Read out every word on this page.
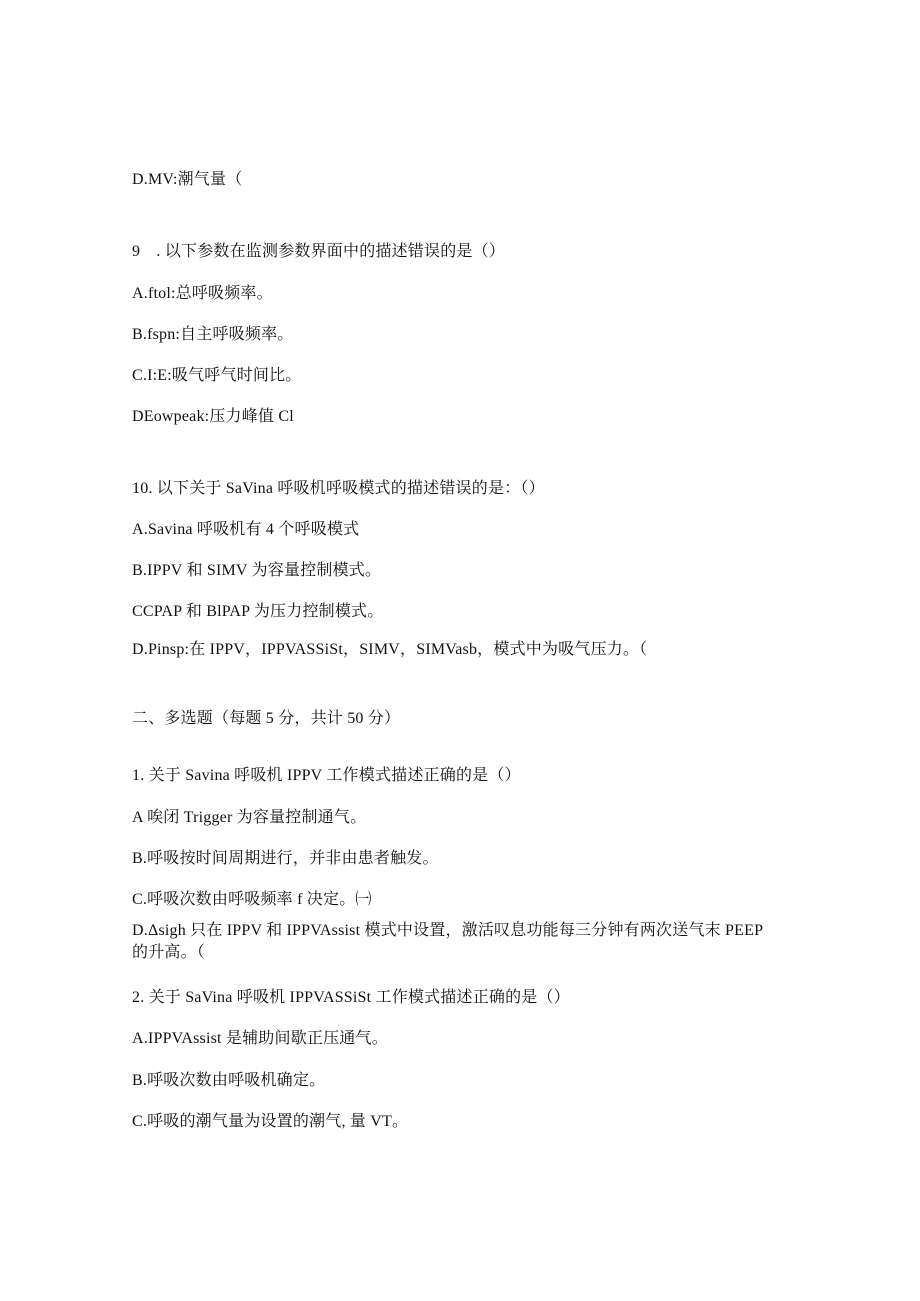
D.MV:潮气量（
9　. 以下参数在监测参数界面中的描述错误的是（）
A.ftol:总呼吸频率。
B.fspn:自主呼吸频率。
C.I:E:吸气呼气时间比。
DEowpeak:压力峰值 Cl
10. 以下关于 SaVina 呼吸机呼吸模式的描述错误的是：（）
A.Savina 呼吸机有 4 个呼吸模式
B.IPPV 和 SIMV 为容量控制模式。
CCPAP 和 BlPAP 为压力控制模式。
D.Pinsp:在 IPPV，IPPVASSiSt，SIMV，SIMVasb，模式中为吸气压力。（
二、多选题（每题 5 分，共计 50 分）
1. 关于 Savina 呼吸机 IPPV 工作模式描述正确的是（）
A 唉闭 Trigger 为容量控制通气。
B.呼吸按时间周期进行，并非由患者触发。
C.呼吸次数由呼吸频率 f 决定。㈠
D.Δsigh 只在 IPPV 和 IPPVAssist 模式中设置，激活叹息功能每三分钟有两次送气末 PEEP 的升高。（
2. 关于 SaVina 呼吸机 IPPVASSiSt 工作模式描述正确的是（）
A.IPPVAssist 是辅助间歇正压通气。
B.呼吸次数由呼吸机确定。
C.呼吸的潮气量为设置的潮气, 量 VT。
